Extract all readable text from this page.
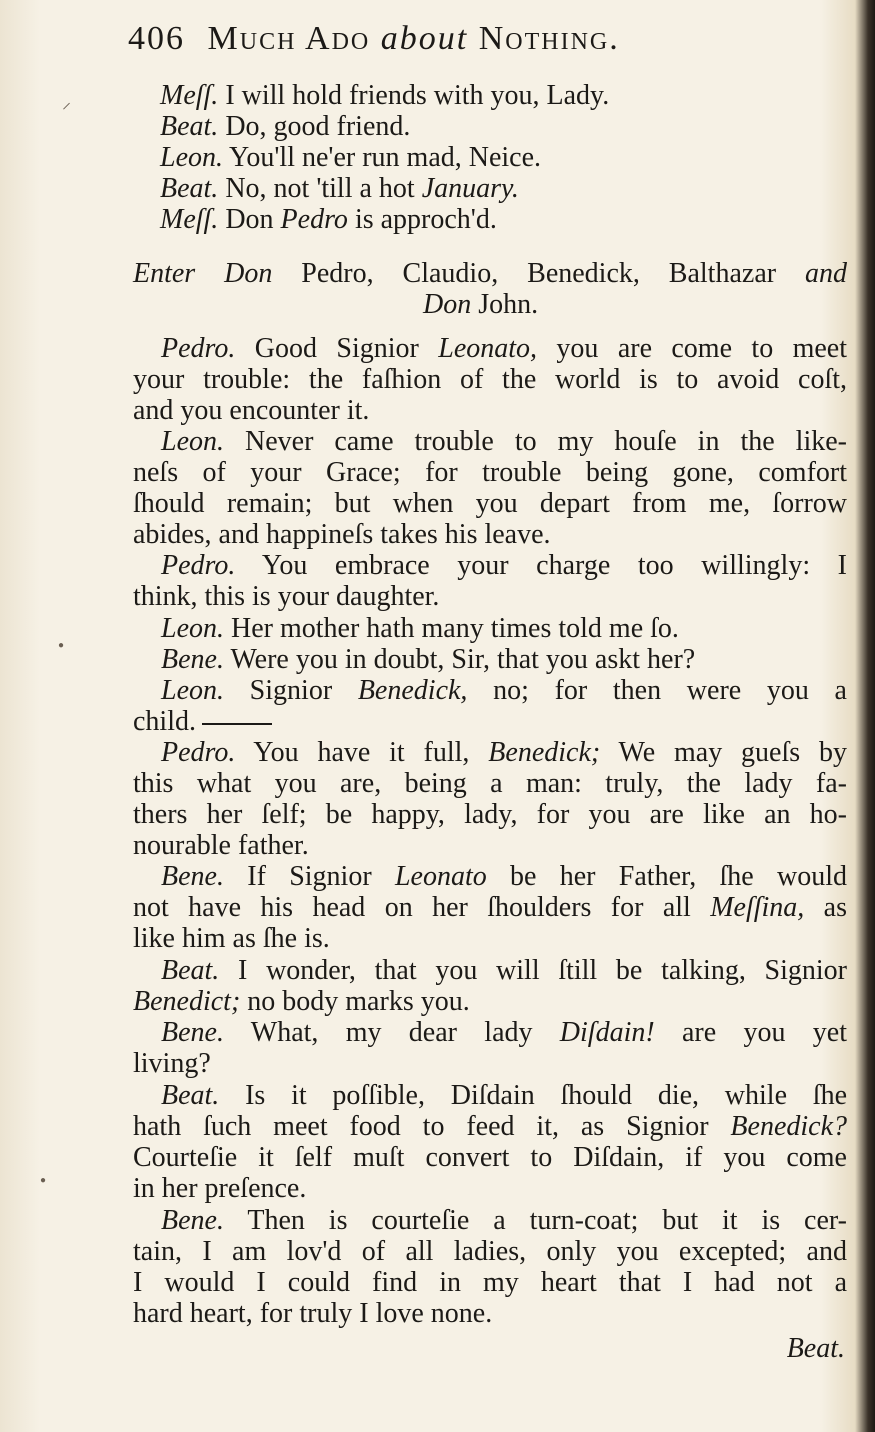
406 Much Ado about Nothing.
Meſſ. I will hold friends with you, Lady.
Beat. Do, good friend.
Leon. You'll ne'er run mad, Neice.
Beat. No, not 'till a hot January.
Meſſ. Don Pedro is approch'd.
Enter Don Pedro, Claudio, Benedick, Balthazar and
Don John.
Pedro. Good Signior Leonato, you are come to meet
your trouble: the faſhion of the world is to avoid coſt,
and you encounter it.
Leon. Never came trouble to my houſe in the like-
neſs of your Grace; for trouble being gone, comfort
ſhould remain; but when you depart from me, ſorrow
abides, and happineſs takes his leave.
Pedro. You embrace your charge too willingly: I
think, this is your daughter.
Leon. Her mother hath many times told me ſo.
Bene. Were you in doubt, Sir, that you askt her?
Leon. Signior Benedick, no; for then were you a
child.
Pedro. You have it full, Benedick; We may gueſs by
this what you are, being a man: truly, the lady fa-
thers her ſelf; be happy, lady, for you are like an ho-
nourable father.
Bene. If Signior Leonato be her Father, ſhe would
not have his head on her ſhoulders for all Meſſina, as
like him as ſhe is.
Beat. I wonder, that you will ſtill be talking, Signior
Benedict; no body marks you.
Bene. What, my dear lady Diſdain! are you yet
living?
Beat. Is it poſſible, Diſdain ſhould die, while ſhe
hath ſuch meet food to feed it, as Signior Benedick?
Courteſie it ſelf muſt convert to Diſdain, if you come
in her preſence.
Bene. Then is courteſie a turn-coat; but it is cer-
tain, I am lov'd of all ladies, only you excepted; and
I would I could find in my heart that I had not a
hard heart, for truly I love none.
Beat.
⸝
●
●
